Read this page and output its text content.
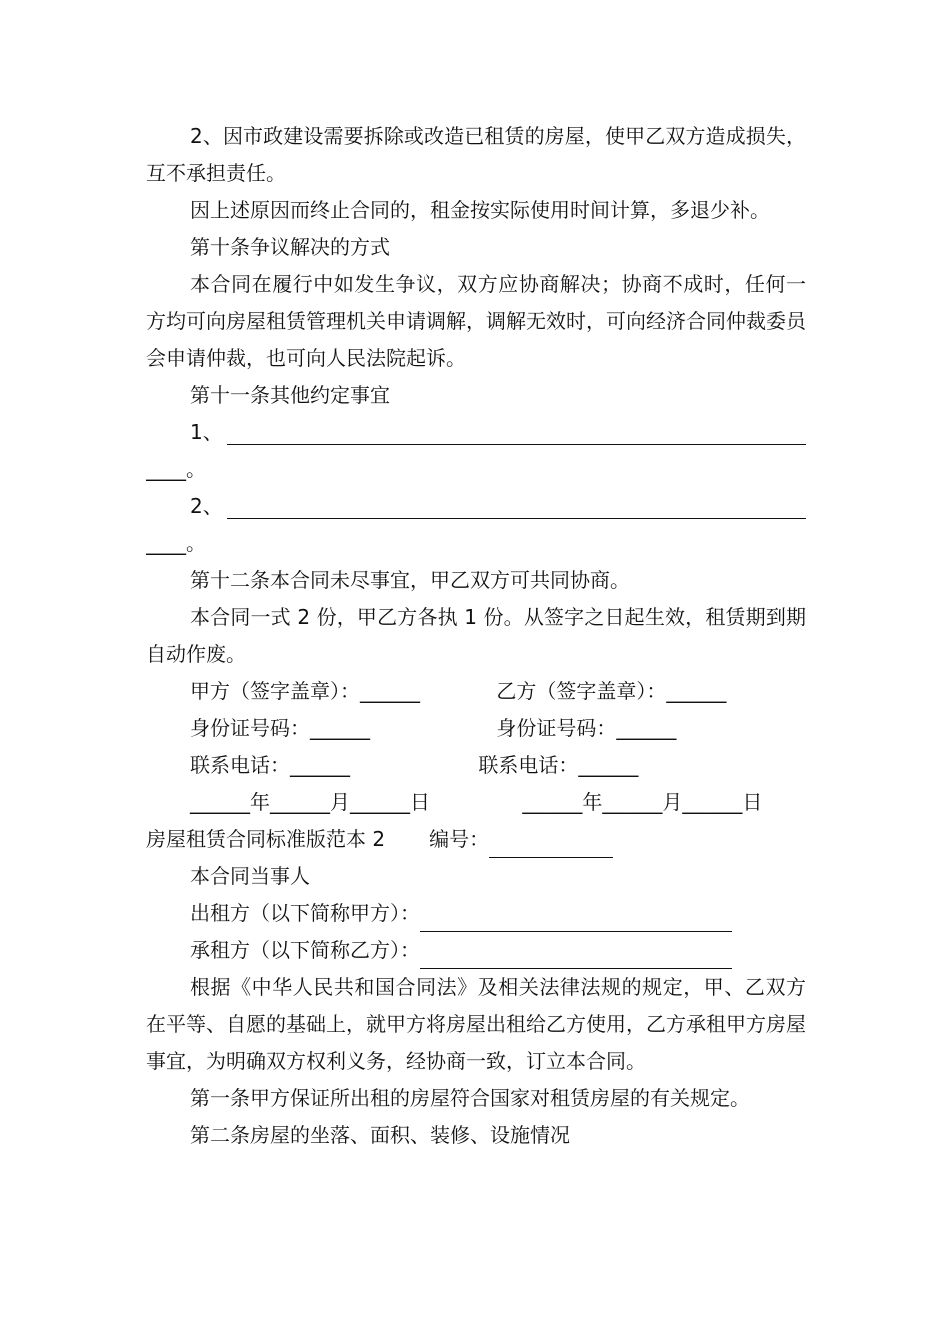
2、因市政建设需要拆除或改造已租赁的房屋，使甲乙双方造成损失，互不承担责任。

因上述原因而终止合同的，租金按实际使用时间计算，多退少补。

第十条争议解决的方式

本合同在履行中如发生争议，双方应协商解决；协商不成时，任何一方均可向房屋租赁管理机关申请调解，调解无效时，可向经济合同仲裁委员会申请仲裁，也可向人民法院起诉。

第十一条其他约定事宜

1、
____。
2、
____。

第十二条本合同未尽事宜，甲乙双方可共同协商。

本合同一式 2 份，甲乙方各执 1 份。从签字之日起生效，租赁期到期自动作废。

甲方（签字盖章）：______	乙方（签字盖章）：______
身份证号码：______	身份证号码：______
联系电话：______	联系电话：______
______年______月______日	______年______月______日
房屋租赁合同标准版范本 2 编号：

本合同当事人

出租方（以下简称甲方）：
承租方（以下简称乙方）：

根据《中华人民共和国合同法》及相关法律法规的规定，甲、乙双方在平等、自愿的基础上，就甲方将房屋出租给乙方使用，乙方承租甲方房屋事宜，为明确双方权利义务，经协商一致，订立本合同。

第一条甲方保证所出租的房屋符合国家对租赁房屋的有关规定。

第二条房屋的坐落、面积、装修、设施情况
